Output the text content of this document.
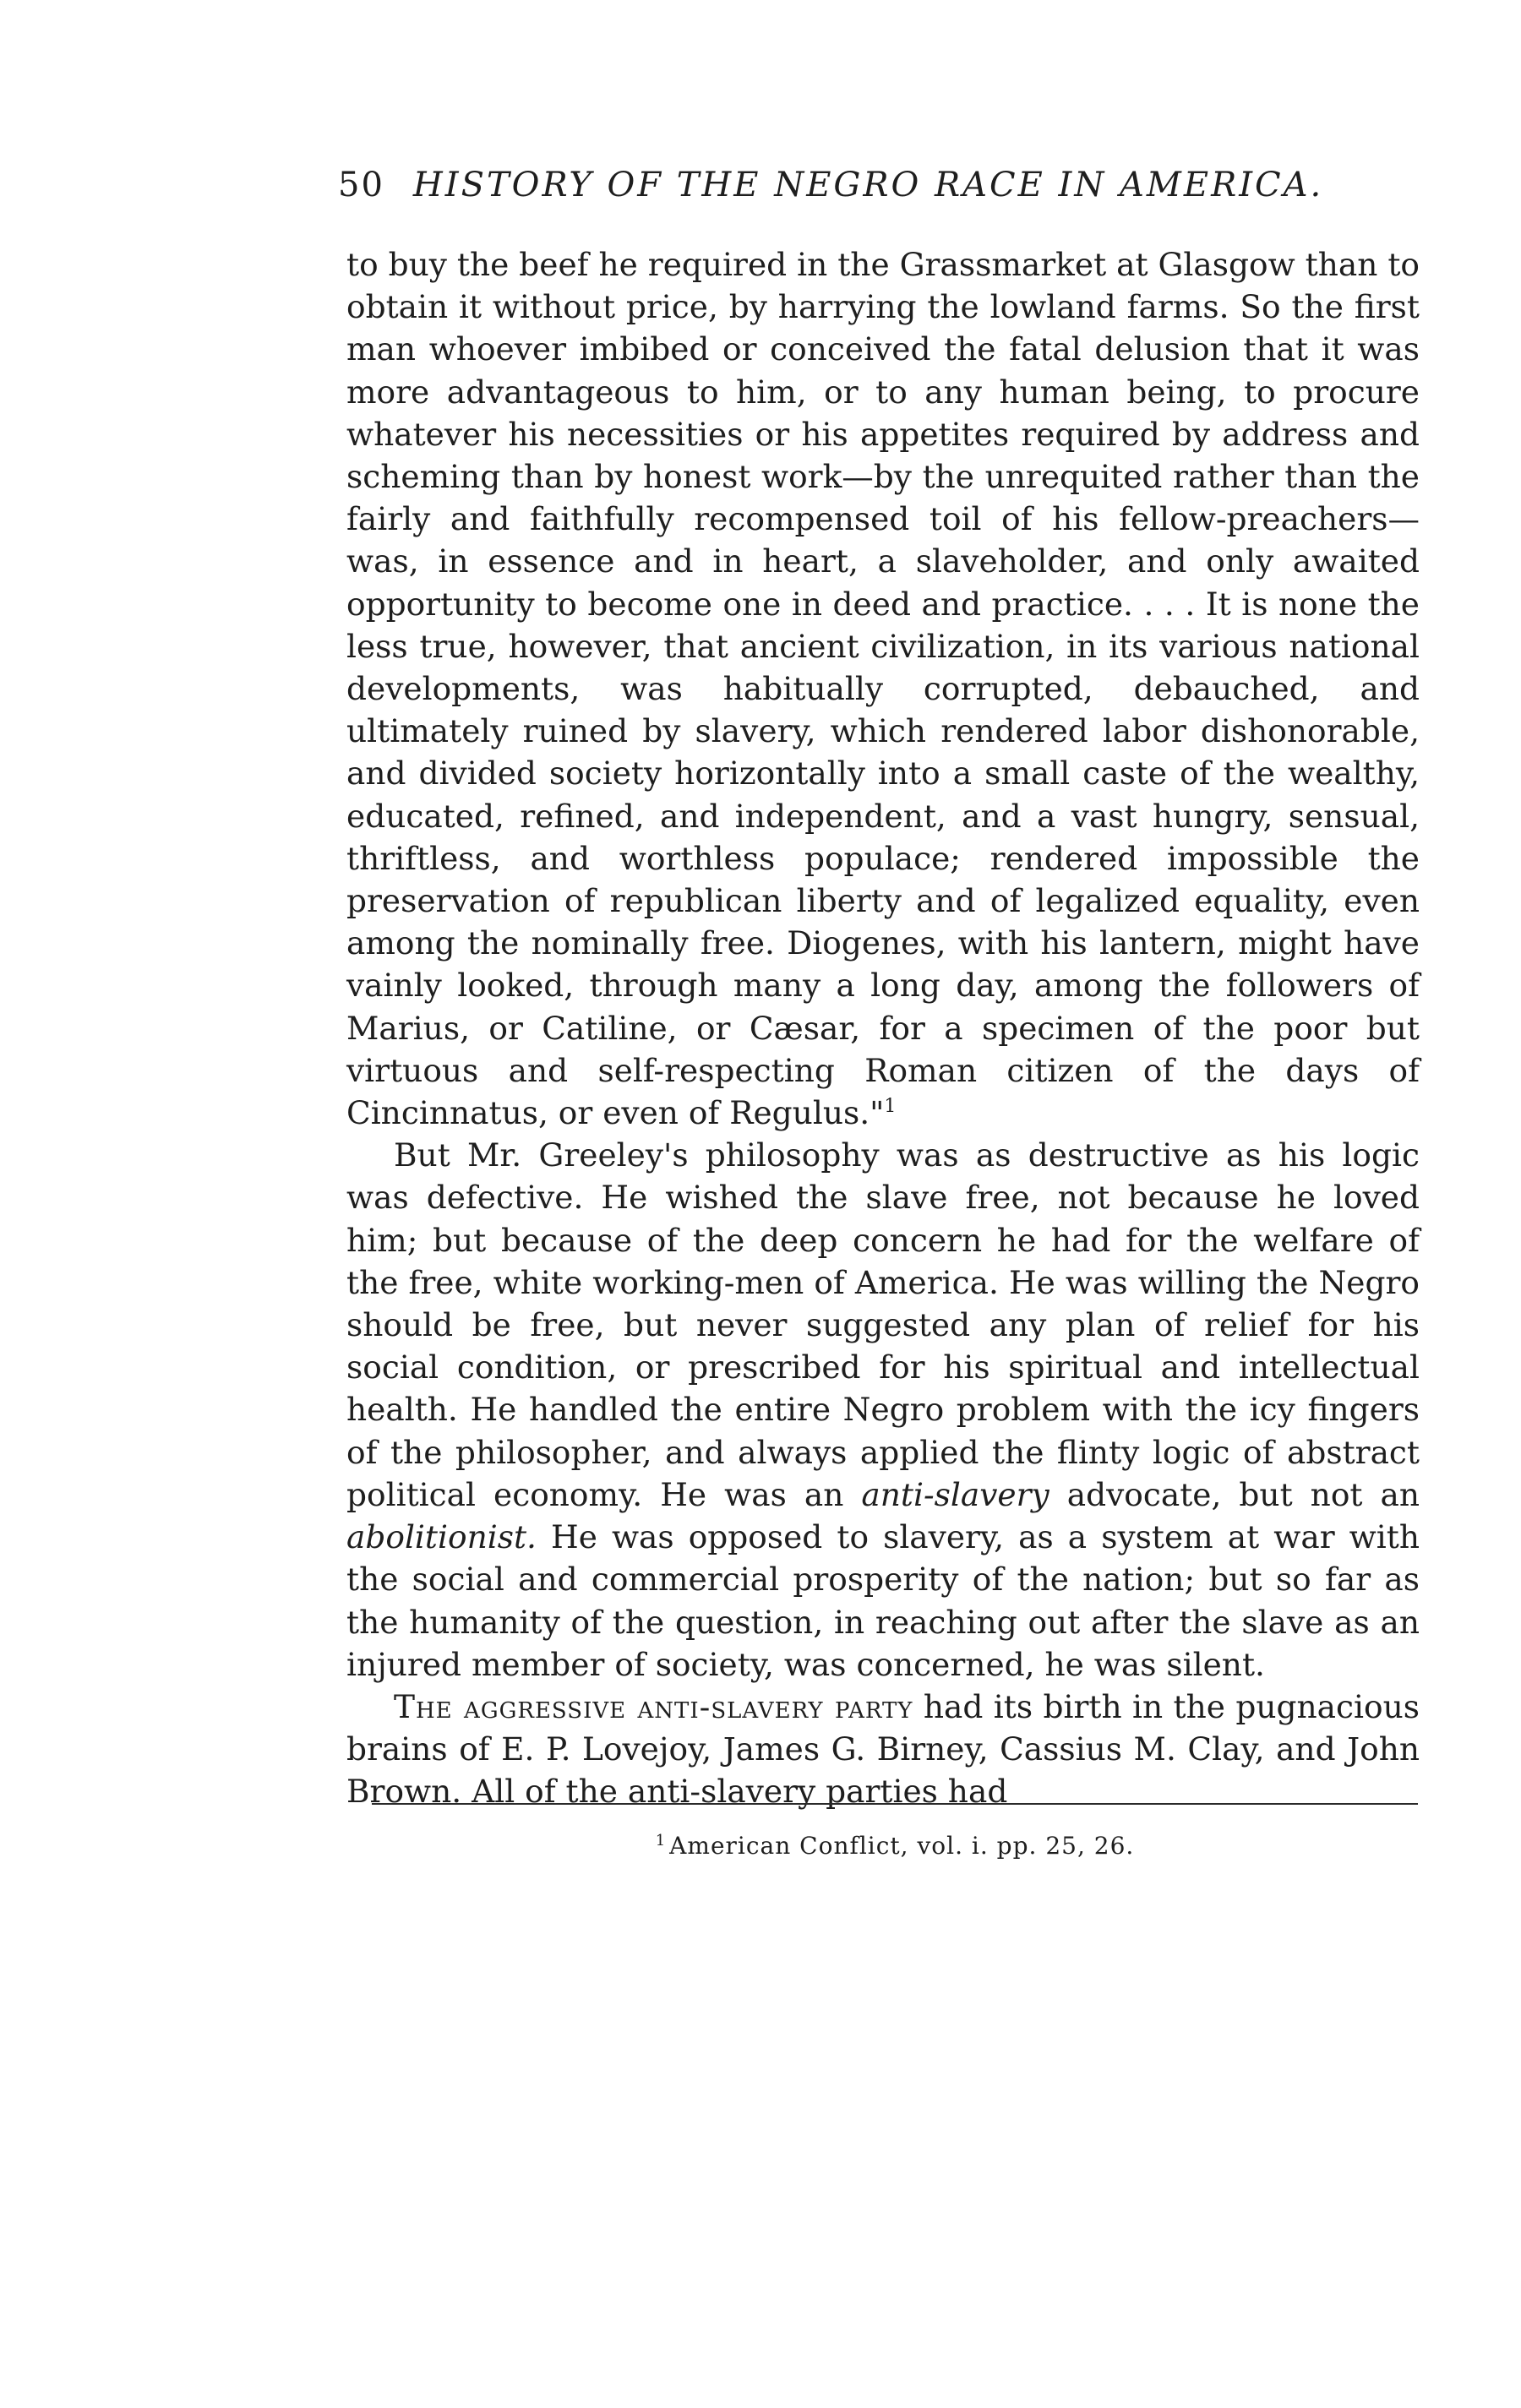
50 HISTORY OF THE NEGRO RACE IN AMERICA.

to buy the beef he required in the Grassmarket at Glasgow than to obtain it without price, by harrying the lowland farms. So the first man whoever imbibed or conceived the fatal delusion that it was more advantageous to him, or to any human being, to procure whatever his necessities or his appetites required by address and scheming than by honest work—by the unrequited rather than the fairly and faithfully recompensed toil of his fellow-preachers—was, in essence and in heart, a slaveholder, and only awaited opportunity to become one in deed and practice. . . . It is none the less true, however, that ancient civilization, in its various national developments, was habitually corrupted, debauched, and ultimately ruined by slavery, which rendered labor dishonorable, and divided society horizontally into a small caste of the wealthy, educated, refined, and independent, and a vast hungry, sensual, thriftless, and worthless populace; rendered impossible the preservation of republican liberty and of legalized equality, even among the nominally free. Diogenes, with his lantern, might have vainly looked, through many a long day, among the followers of Marius, or Catiline, or Cæsar, for a specimen of the poor but virtuous and self-respecting Roman citizen of the days of Cincinnatus, or even of Regulus."$^1$

But Mr. Greeley's philosophy was as destructive as his logic was defective. He wished the slave free, not because he loved him; but because of the deep concern he had for the welfare of the free, white working-men of America. He was willing the Negro should be free, but never suggested any plan of relief for his social condition, or prescribed for his spiritual and intellectual health. He handled the entire Negro problem with the icy fingers of the philosopher, and always applied the flinty logic of abstract political economy. He was an anti-slavery advocate, but not an abolitionist. He was opposed to slavery, as a system at war with the social and commercial prosperity of the nation; but so far as the humanity of the question, in reaching out after the slave as an injured member of society, was concerned, he was silent.

The aggressive anti-slavery party had its birth in the pugnacious brains of E. P. Lovejoy, James G. Birney, Cassius M. Clay, and John Brown. All of the anti-slavery parties had

$^1$ American Conflict, vol. i. pp. 25, 26.
